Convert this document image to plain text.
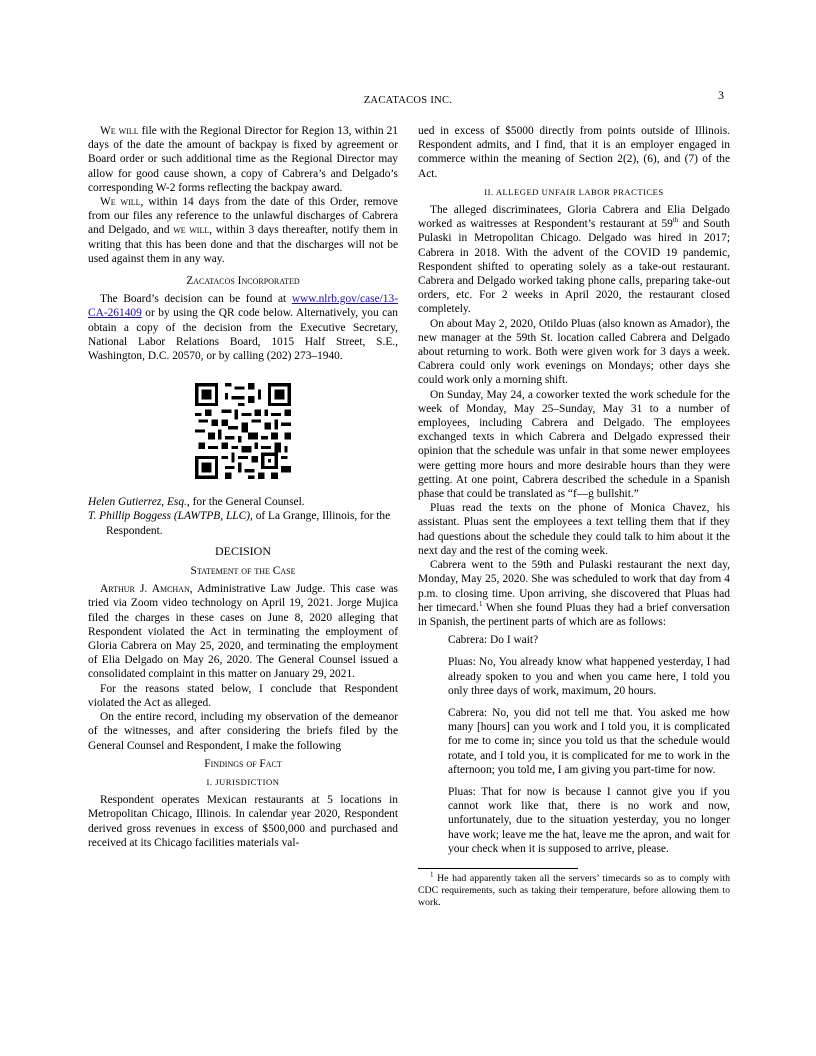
ZACATACOS INC.	3

We will file with the Regional Director for Region 13, within 21 days of the date the amount of backpay is fixed by agreement or Board order or such additional time as the Regional Director may allow for good cause shown, a copy of Cabrera’s and Delgado’s corresponding W-2 forms reflecting the backpay award.

We will, within 14 days from the date of this Order, remove from our files any reference to the unlawful discharges of Cabrera and Delgado, and we will, within 3 days thereafter, notify them in writing that this has been done and that the discharges will not be used against them in any way.

Zacatacos Incorporated

The Board’s decision can be found at www.nlrb.gov/case/13-CA-261409 or by using the QR code below. Alternatively, you can obtain a copy of the decision from the Executive Secretary, National Labor Relations Board, 1015 Half Street, S.E., Washington, D.C. 20570, or by calling (202) 273–1940.

Helen Gutierrez, Esq., for the General Counsel.

T. Phillip Boggess (LAWTPB, LLC), of La Grange, Illinois, for the Respondent.

DECISION
Statement of the Case

Arthur J. Amchan, Administrative Law Judge. This case was tried via Zoom video technology on April 19, 2021. Jorge Mujica filed the charges in these cases on June 8, 2020 alleging that Respondent violated the Act in terminating the employment of Gloria Cabrera on May 25, 2020, and terminating the employment of Elia Delgado on May 26, 2020. The General Counsel issued a consolidated complaint in this matter on January 29, 2021.

For the reasons stated below, I conclude that Respondent violated the Act as alleged.

On the entire record, including my observation of the demeanor of the witnesses, and after considering the briefs filed by the General Counsel and Respondent, I make the following

Findings of Fact
I. JURISDICTION

Respondent operates Mexican restaurants at 5 locations in Metropolitan Chicago, Illinois. In calendar year 2020, Respondent derived gross revenues in excess of $500,000 and purchased and received at its Chicago facilities materials val-

ued in excess of $5000 directly from points outside of Illinois. Respondent admits, and I find, that it is an employer engaged in commerce within the meaning of Section 2(2), (6), and (7) of the Act.

II. ALLEGED UNFAIR LABOR PRACTICES

The alleged discriminatees, Gloria Cabrera and Elia Delgado worked as waitresses at Respondent’s restaurant at 59th and South Pulaski in Metropolitan Chicago. Delgado was hired in 2017; Cabrera in 2018. With the advent of the COVID 19 pandemic, Respondent shifted to operating solely as a take-out restaurant. Cabrera and Delgado worked taking phone calls, preparing take-out orders, etc. For 2 weeks in April 2020, the restaurant closed completely.

On about May 2, 2020, Otildo Pluas (also known as Amador), the new manager at the 59th St. location called Cabrera and Delgado about returning to work. Both were given work for 3 days a week. Cabrera could only work evenings on Mondays; other days she could work only a morning shift.

On Sunday, May 24, a coworker texted the work schedule for the week of Monday, May 25–Sunday, May 31 to a number of employees, including Cabrera and Delgado. The employees exchanged texts in which Cabrera and Delgado expressed their opinion that the schedule was unfair in that some newer employees were getting more hours and more desirable hours than they were getting. At one point, Cabrera described the schedule in a Spanish phase that could be translated as “f—g bullshit.”

Pluas read the texts on the phone of Monica Chavez, his assistant. Pluas sent the employees a text telling them that if they had questions about the schedule they could talk to him about it the next day and the rest of the coming week.

Cabrera went to the 59th and Pulaski restaurant the next day, Monday, May 25, 2020. She was scheduled to work that day from 4 p.m. to closing time. Upon arriving, she discovered that Pluas had her timecard.$^1$ When she found Pluas they had a brief conversation in Spanish, the pertinent parts of which are as follows:

Cabrera: Do I wait?

Pluas: No, You already know what happened yesterday, I had already spoken to you and when you came here, I told you only three days of work, maximum, 20 hours.

Cabrera: No, you did not tell me that. You asked me how many [hours] can you work and I told you, it is complicated for me to come in; since you told us that the schedule would rotate, and I told you, it is complicated for me to work in the afternoon; you told me, I am giving you part-time for now.

Pluas: That for now is because I cannot give you if you cannot work like that, there is no work and now, unfortunately, due to the situation yesterday, you no longer have work; leave me the hat, leave me the apron, and wait for your check when it is supposed to arrive, please.

$^1$ He had apparently taken all the servers’ timecards so as to comply with CDC requirements, such as taking their temperature, before allowing them to work.
